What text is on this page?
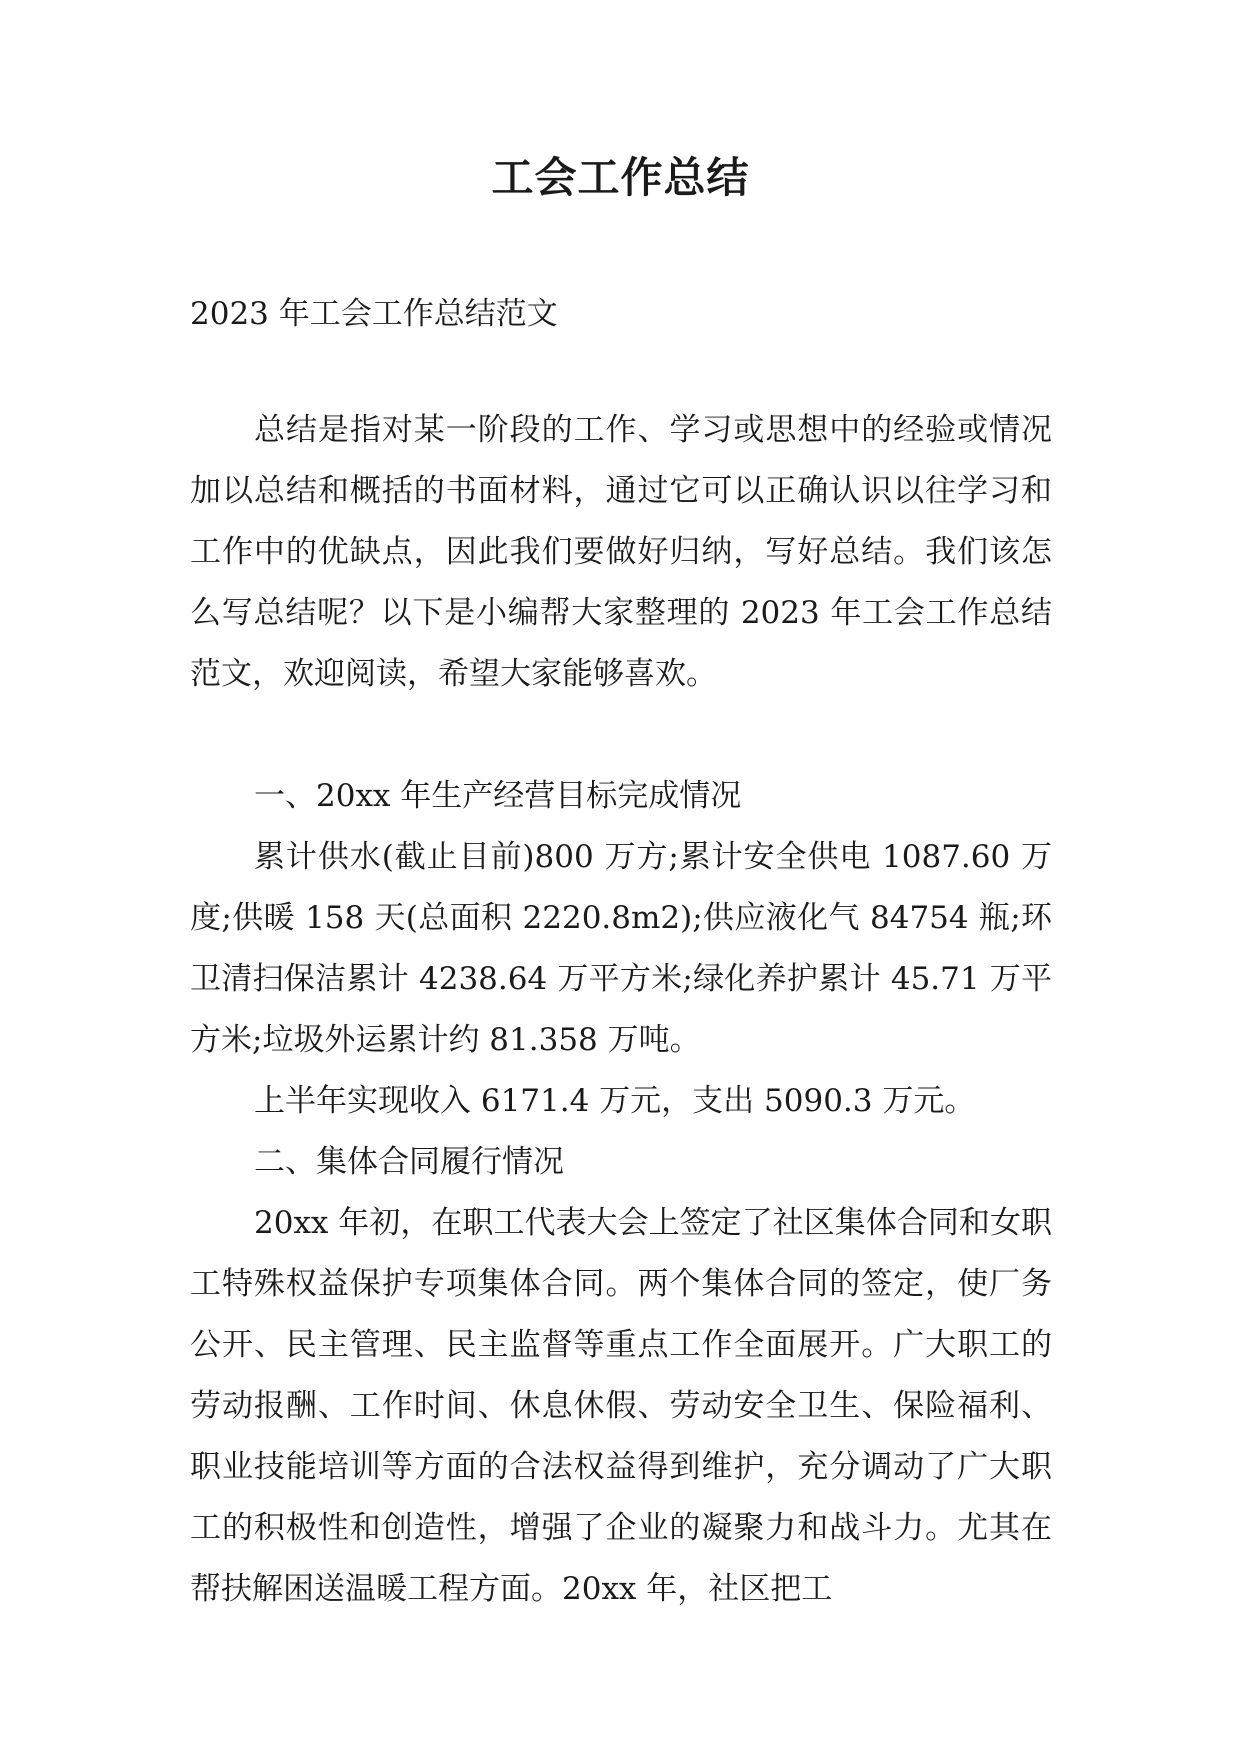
工会工作总结

2023 年工会工作总结范文

总结是指对某一阶段的工作、学习或思想中的经验或情况加以总结和概括的书面材料，通过它可以正确认识以往学习和工作中的优缺点，因此我们要做好归纳，写好总结。我们该怎么写总结呢？以下是小编帮大家整理的 2023 年工会工作总结范文，欢迎阅读，希望大家能够喜欢。

一、20xx 年生产经营目标完成情况

累计供水(截止目前)800 万方;累计安全供电 1087.60 万度;供暖 158 天(总面积 2220.8m2);供应液化气 84754 瓶;环卫清扫保洁累计 4238.64 万平方米;绿化养护累计 45.71 万平方米;垃圾外运累计约 81.358 万吨。

上半年实现收入 6171.4 万元，支出 5090.3 万元。

二、集体合同履行情况

20xx 年初，在职工代表大会上签定了社区集体合同和女职工特殊权益保护专项集体合同。两个集体合同的签定，使厂务公开、民主管理、民主监督等重点工作全面展开。广大职工的劳动报酬、工作时间、休息休假、劳动安全卫生、保险福利、职业技能培训等方面的合法权益得到维护，充分调动了广大职工的积极性和创造性，增强了企业的凝聚力和战斗力。尤其在帮扶解困送温暖工程方面。20xx 年，社区把工
